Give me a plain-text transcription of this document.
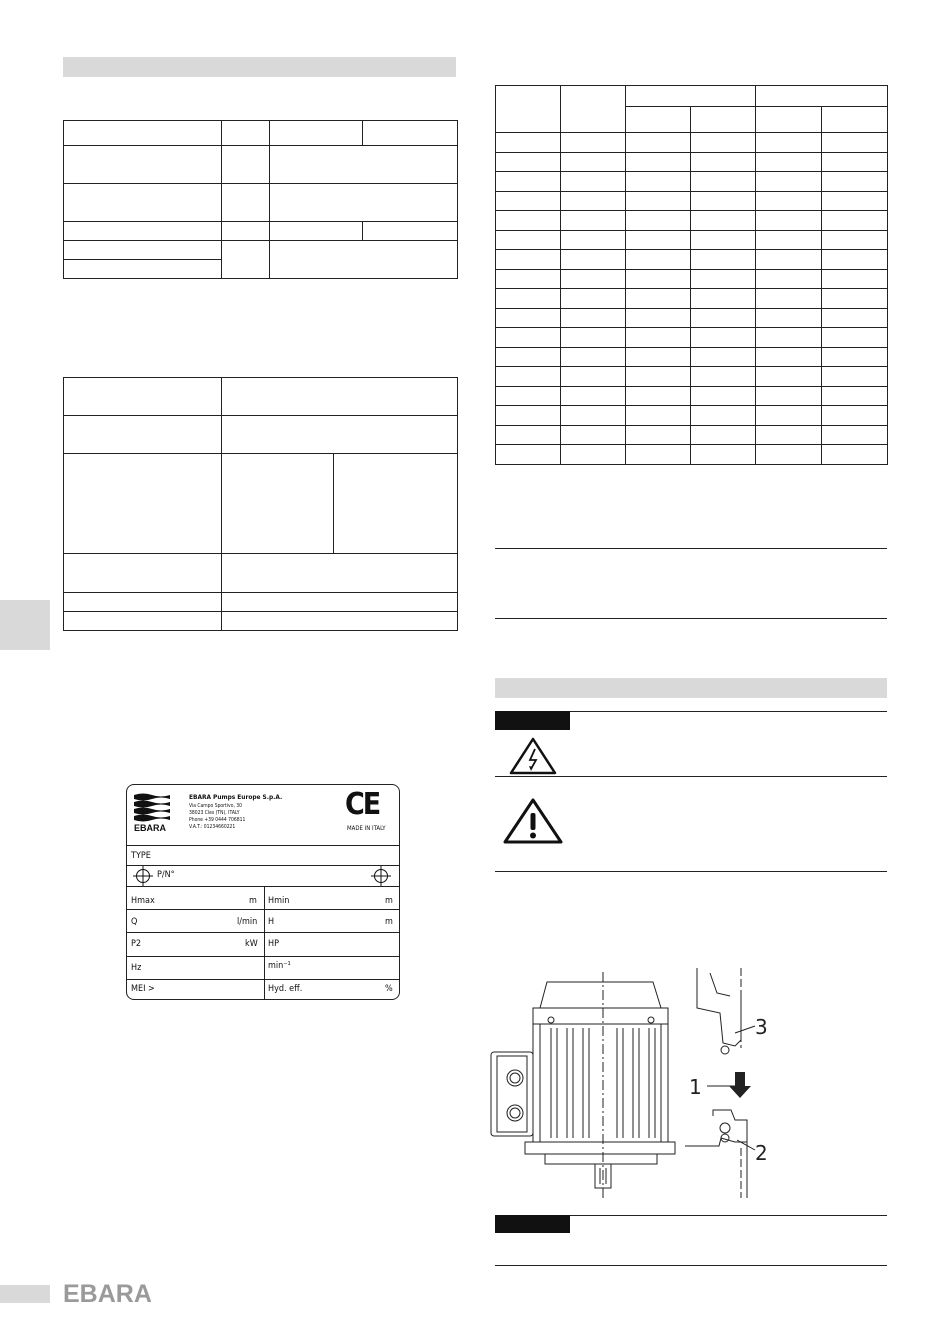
EBARA
EBARA Pumps Europe S.p.A.
Via Campo Sportivo, 30
38023 Cles (TN), ITALY
Phone +39 0444 706811
V.A.T.: 01234660221
CE
MADE IN ITALY
TYPE
P/N°
Hmax	m Hmin	m
Q	l/min H	m
P2	kW HP
Hz	min⁻¹
MEI >	Hyd. eff.	%

3
1
2
EBARA
